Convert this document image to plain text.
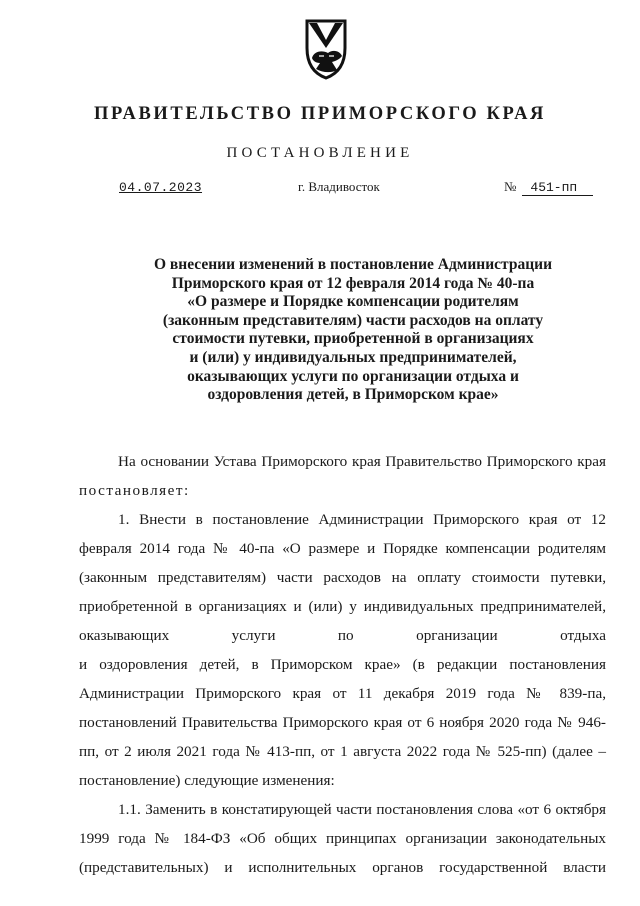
ПРАВИТЕЛЬСТВО ПРИМОРСКОГО КРАЯ
ПОСТАНОВЛЕНИЕ
04.07.2023	г. Владивосток	№ 451-пп
О внесении изменений в постановление Администрации
Приморского края от 12 февраля 2014 года № 40-па
«О размере и Порядке компенсации родителям
(законным представителям) части расходов на оплату
стоимости путевки, приобретенной в организациях
и (или) у индивидуальных предпринимателей,
оказывающих услуги по организации отдыха и
оздоровления детей, в Приморском крае»

На основании Устава Приморского края Правительство Приморского края постановляет:

1. Внести в постановление Администрации Приморского края от 12 февраля 2014 года № 40-па «О размере и Порядке компенсации родителям (законным представителям) части расходов на оплату стоимости путевки, приобретенной в организациях и (или) у индивидуальных предпринимателей, оказывающих услуги по организации отдыха

и оздоровления детей, в Приморском крае» (в редакции постановления Администрации Приморского края от 11 декабря 2019 года № 839-па, постановлений Правительства Приморского края от 6 ноября 2020 года № 946-пп, от 2 июля 2021 года № 413-пп, от 1 августа 2022 года № 525-пп) (далее – постановление) следующие изменения:

1.1. Заменить в констатирующей части постановления слова «от 6 октября 1999 года № 184-ФЗ «Об общих принципах организации законодательных (представительных) и исполнительных органов государственной власти
